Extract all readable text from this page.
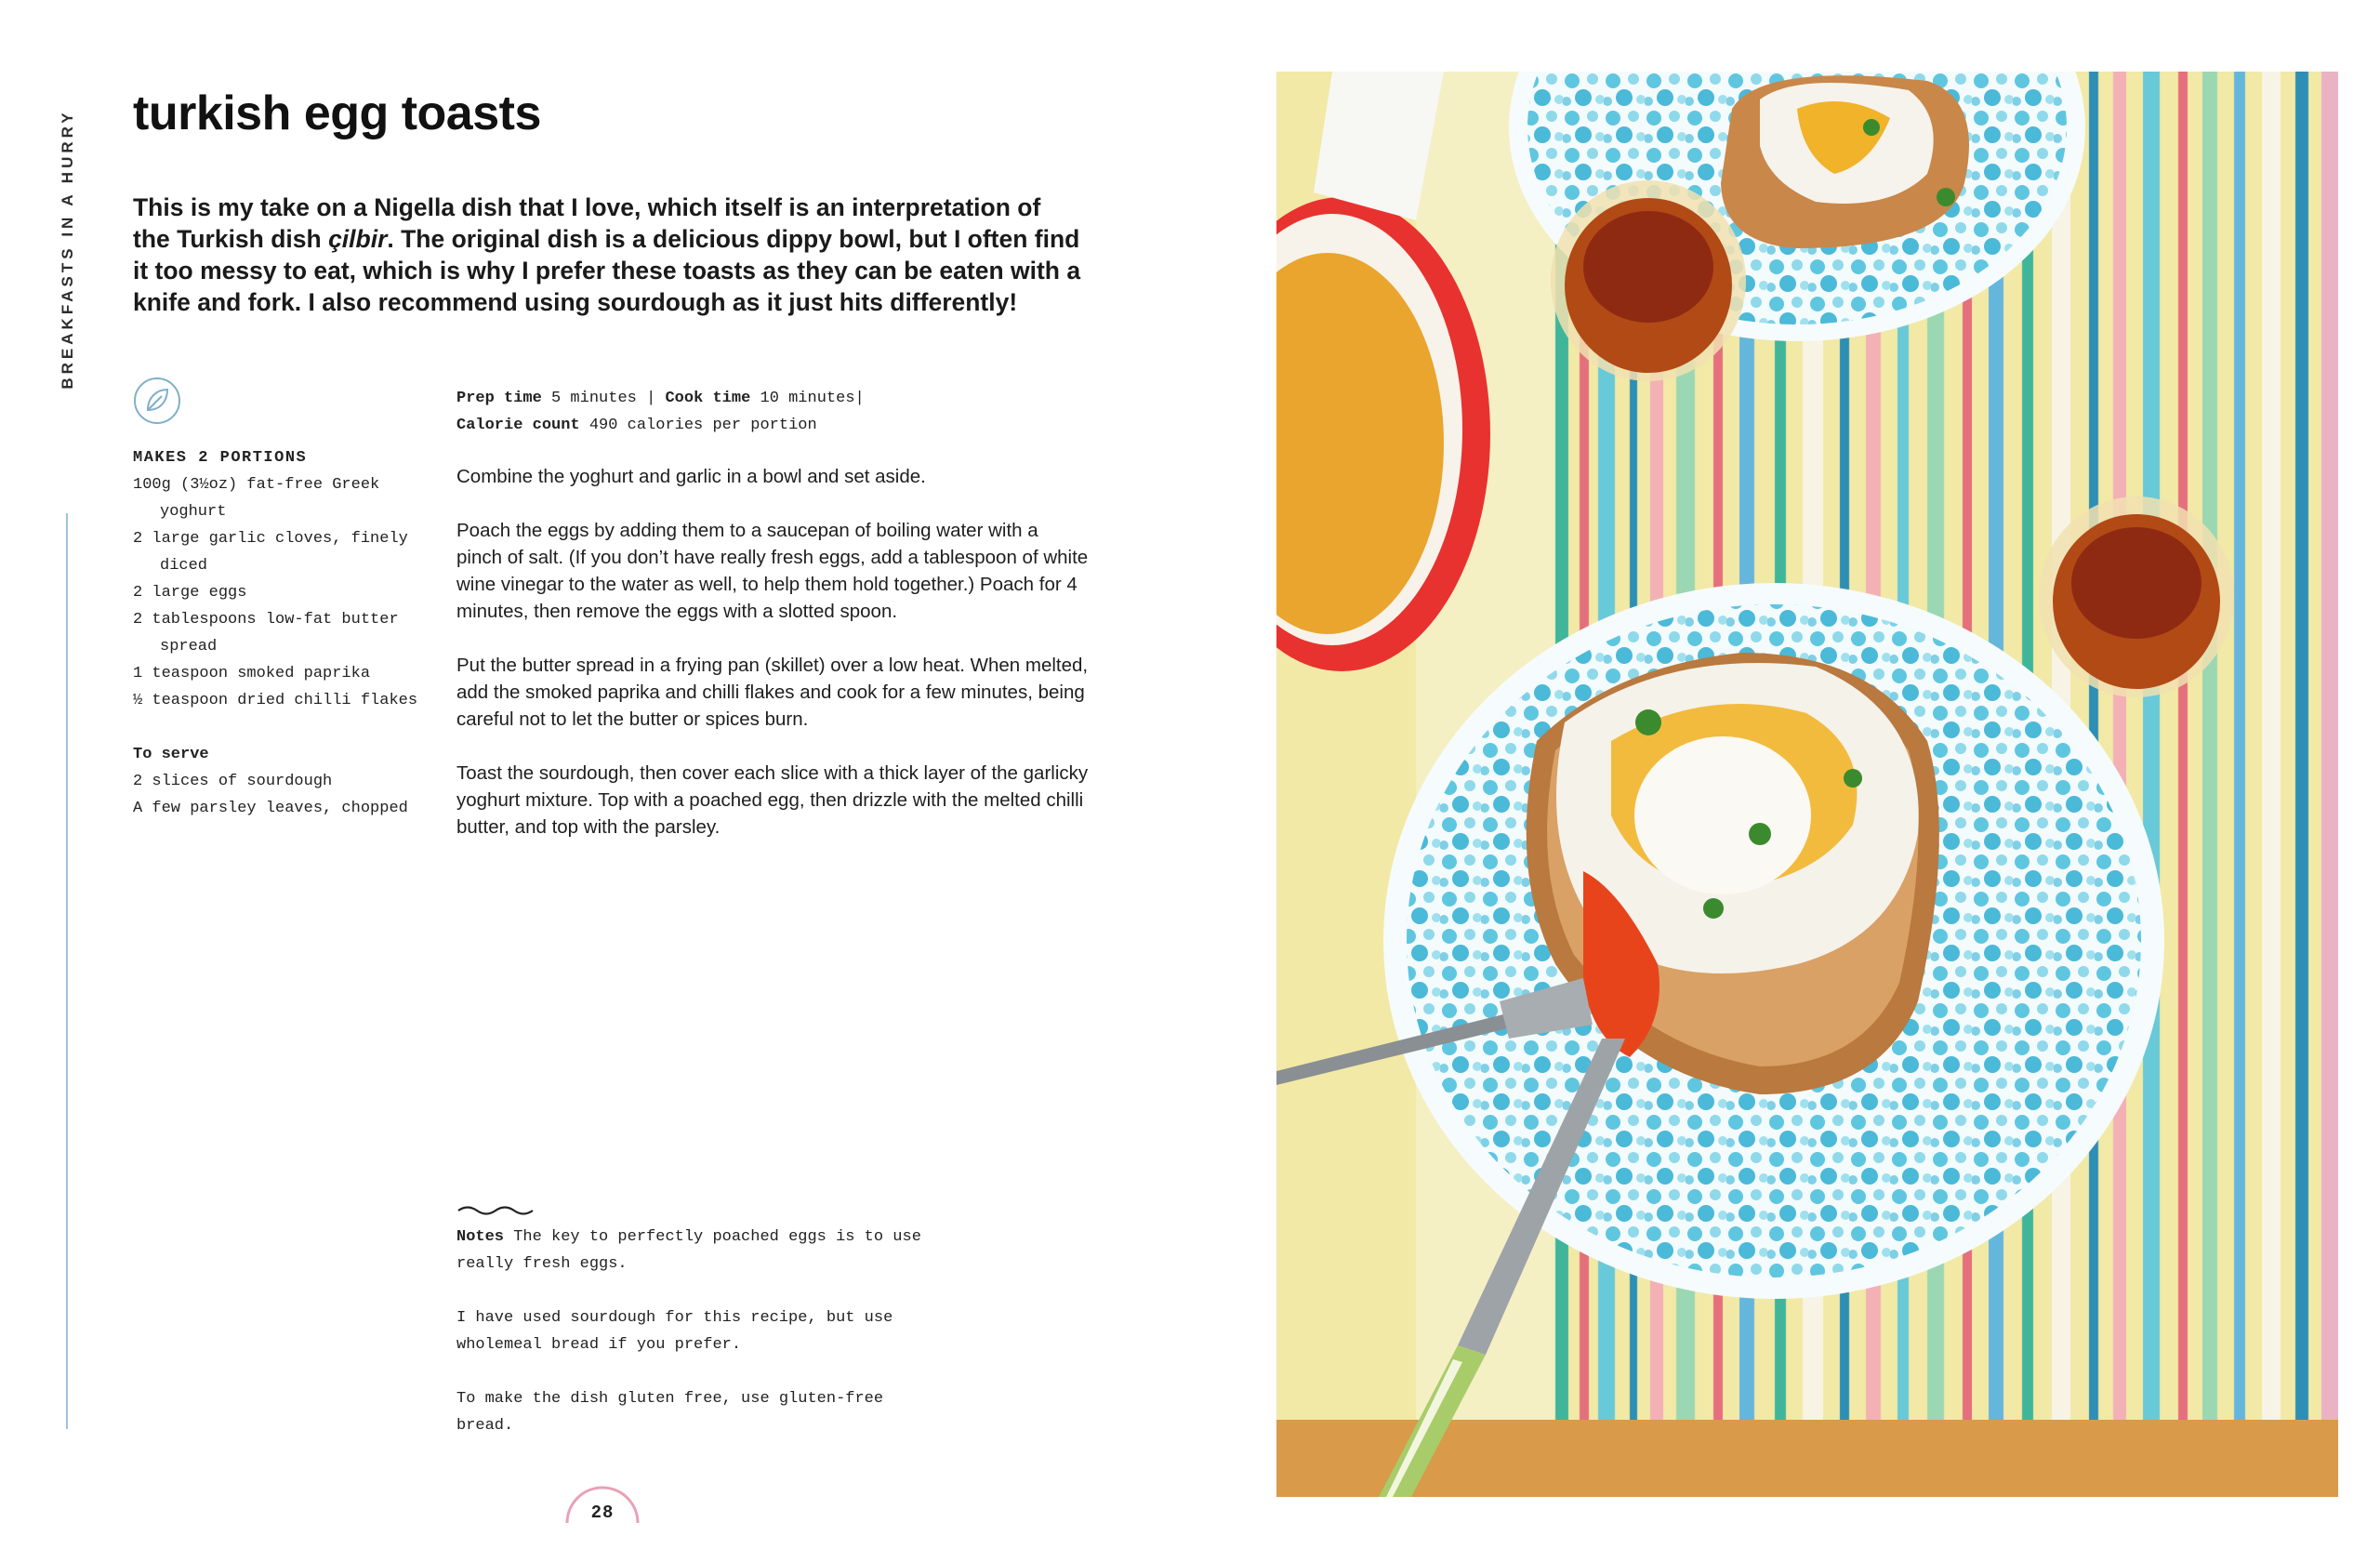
BREAKFASTS IN A HURRY turkish egg toasts

This is my take on a Nigella dish that I love, which itself is an interpretation of the Turkish dish çilbir. The original dish is a delicious dippy bowl, but I often find it too messy to eat, which is why I prefer these toasts as they can be eaten with a knife and fork. I also recommend using sourdough as it just hits differently!

MAKES 2 PORTIONS
100g (3½oz) fat-free Greek yoghurt
2 large garlic cloves, finely diced
2 large eggs
2 tablespoons low-fat butter spread
1 teaspoon smoked paprika
½ teaspoon dried chilli flakes
To serve
2 slices of sourdough
A few parsley leaves, chopped
Prep time 5 minutes | Cook time 10 minutes|
Calorie count 490 calories per portion

Combine the yoghurt and garlic in a bowl and set aside.

Poach the eggs by adding them to a saucepan of boiling water with a pinch of salt. (If you don’t have really fresh eggs, add a tablespoon of white wine vinegar to the water as well, to help them hold together.) Poach for 4 minutes, then remove the eggs with a slotted spoon.

Put the butter spread in a frying pan (skillet) over a low heat. When melted, add the smoked paprika and chilli flakes and cook for a few minutes, being careful not to let the butter or spices burn.

Toast the sourdough, then cover each slice with a thick layer of the garlicky yoghurt mixture. Top with a poached egg, then drizzle with the melted chilli butter, and top with the parsley.

Notes The key to perfectly poached eggs is to use really fresh eggs.

I have used sourdough for this recipe, but use wholemeal bread if you prefer.

To make the dish gluten free, use gluten-free bread.

28
